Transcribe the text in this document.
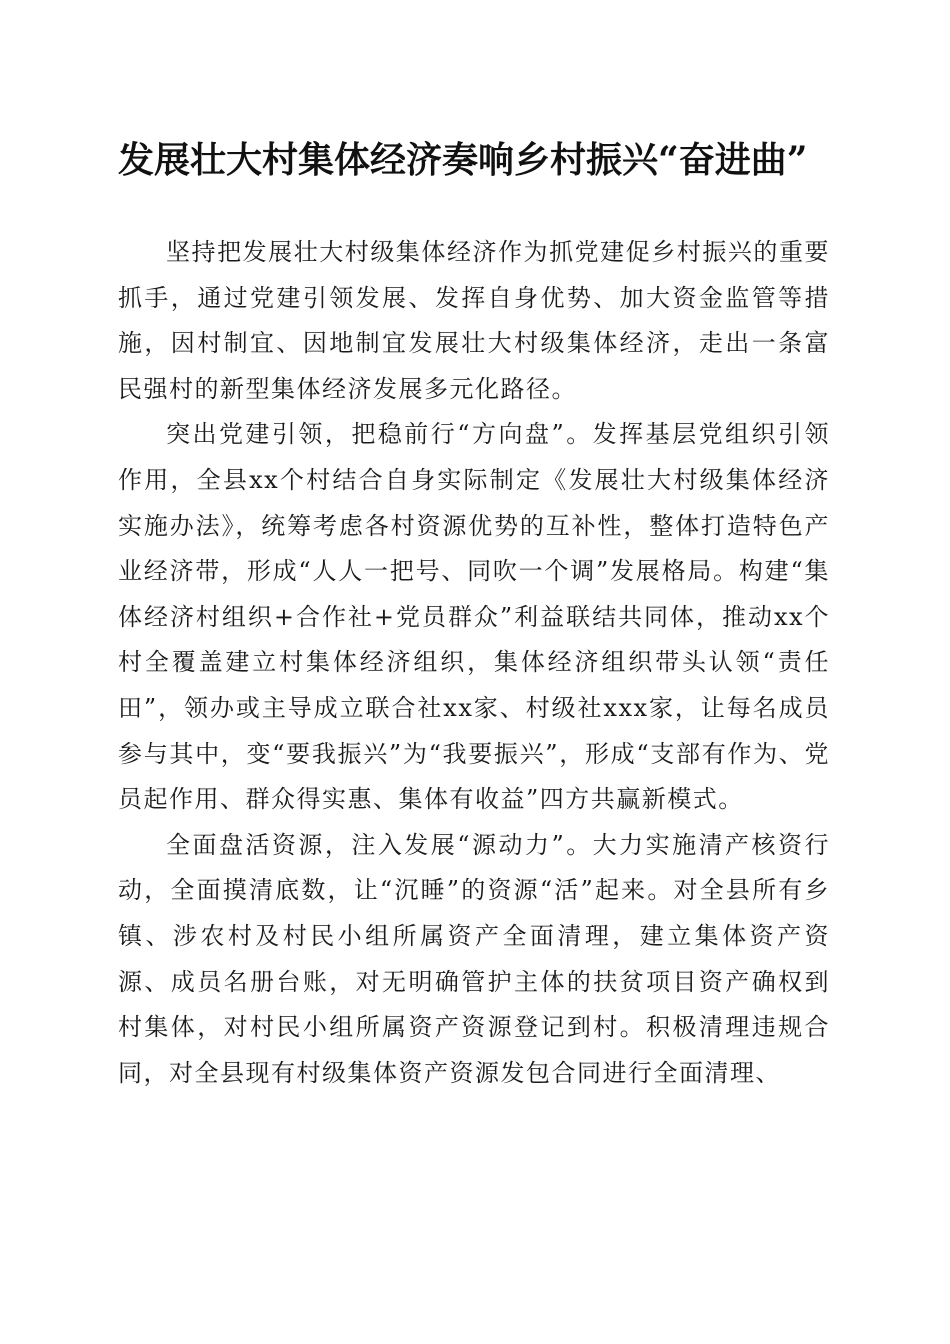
发展壮大村集体经济奏响乡村振兴“奋进曲”

坚持把发展壮大村级集体经济作为抓党建促乡村振兴的重要抓手，通过党建引领发展、发挥自身优势、加大资金监管等措施，因村制宜、因地制宜发展壮大村级集体经济，走出一条富民强村的新型集体经济发展多元化路径。

突出党建引领，把稳前行“方向盘”。发挥基层党组织引领作用，全县xx个村结合自身实际制定《发展壮大村级集体经济实施办法》，统筹考虑各村资源优势的互补性，整体打造特色产业经济带，形成“人人一把号、同吹一个调”发展格局。构建“集体经济村组织+合作社+党员群众”利益联结共同体，推动xx个村全覆盖建立村集体经济组织，集体经济组织带头认领“责任田”，领办或主导成立联合社xx家、村级社xxx家，让每名成员参与其中，变“要我振兴”为“我要振兴”，形成“支部有作为、党员起作用、群众得实惠、集体有收益”四方共赢新模式。

全面盘活资源，注入发展“源动力”。大力实施清产核资行动，全面摸清底数，让“沉睡”的资源“活”起来。对全县所有乡镇、涉农村及村民小组所属资产全面清理，建立集体资产资源、成员名册台账，对无明确管护主体的扶贫项目资产确权到村集体，对村民小组所属资产资源登记到村。积极清理违规合同，对全县现有村级集体资产资源发包合同进行全面清理、
